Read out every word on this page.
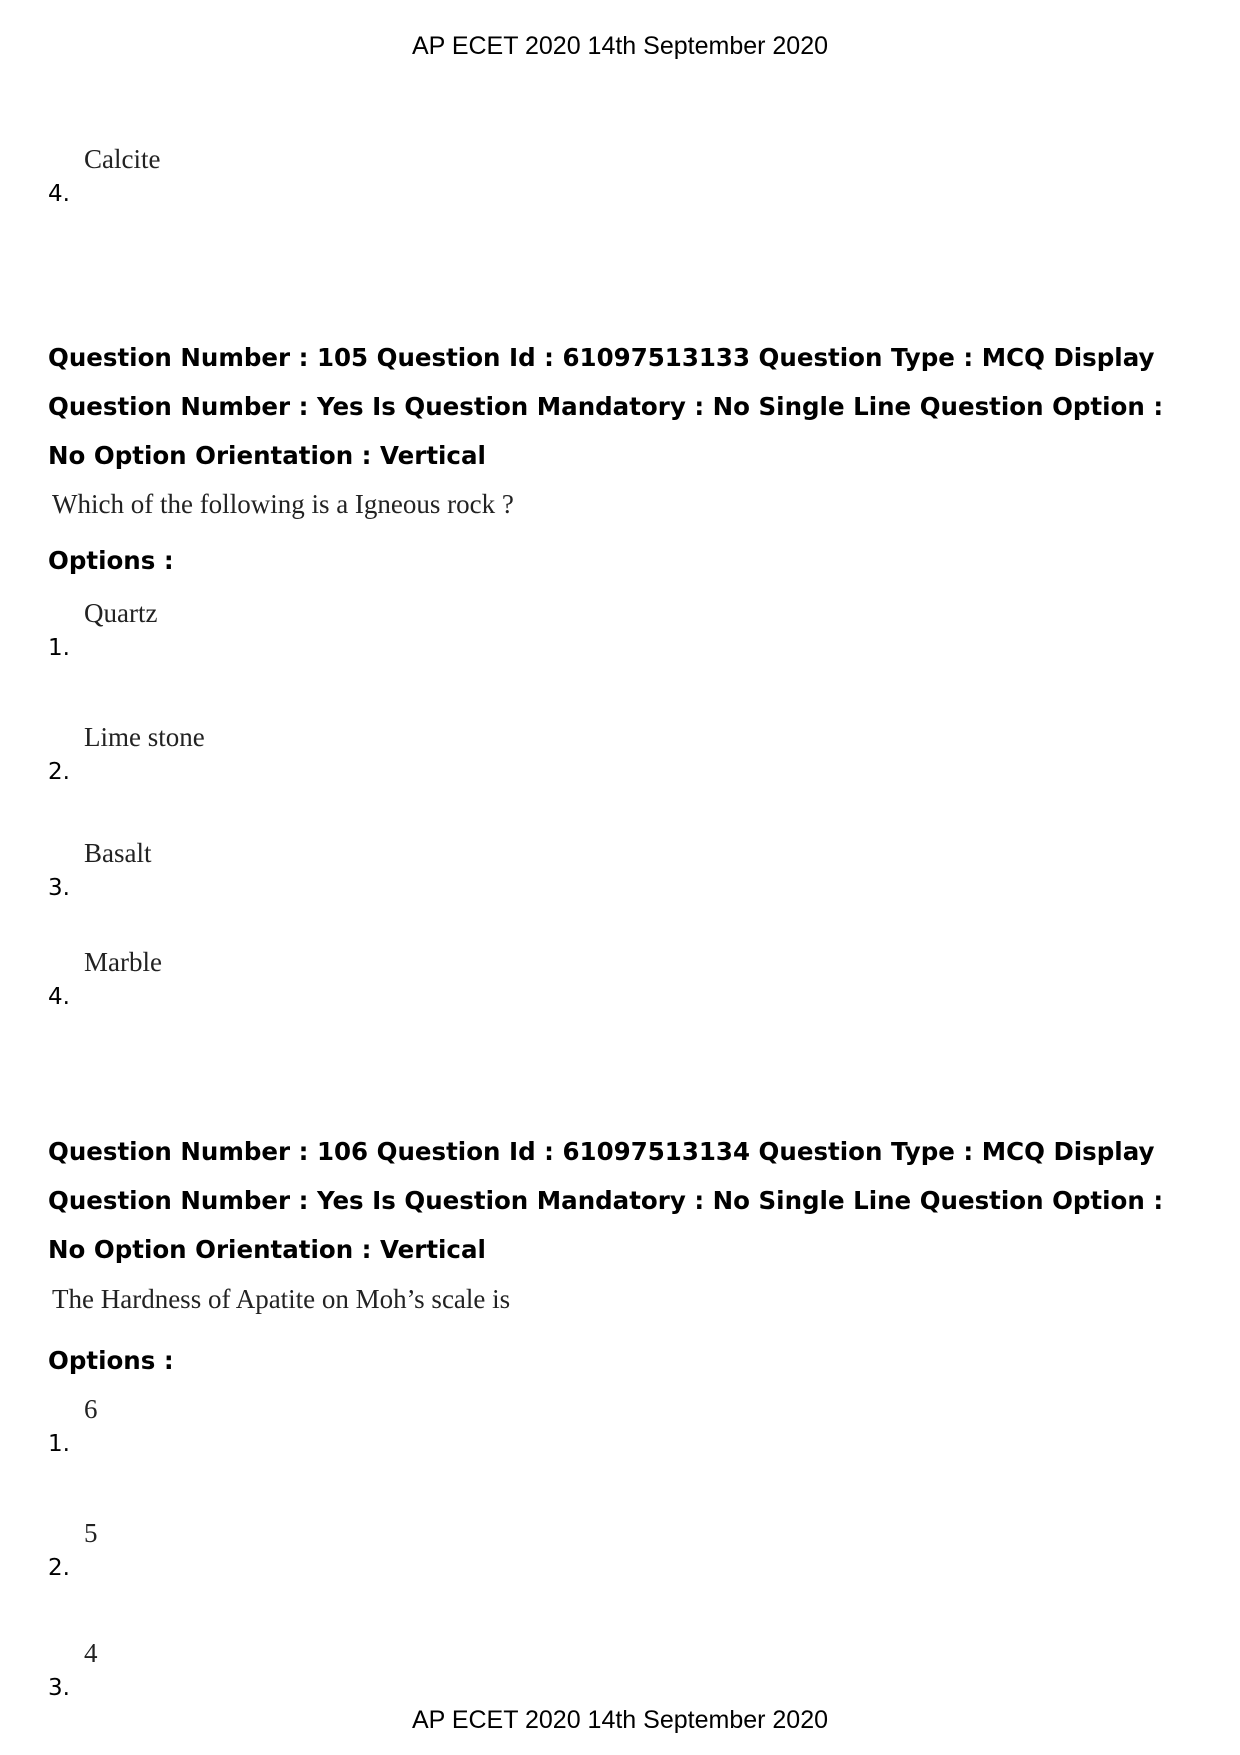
AP ECET 2020 14th September 2020
4.
Calcite

Question Number : 105 Question Id : 61097513133 Question Type : MCQ Display Question Number : Yes Is Question Mandatory : No Single Line Question Option : No Option Orientation : Vertical

Which of the following is a Igneous rock ?
Options :
1.
Quartz
2.
Lime stone
3.
Basalt
4.
Marble

Question Number : 106 Question Id : 61097513134 Question Type : MCQ Display Question Number : Yes Is Question Mandatory : No Single Line Question Option : No Option Orientation : Vertical

The Hardness of Apatite on Moh’s scale is
Options :
1.
6
2.
5
3.
4
AP ECET 2020 14th September 2020
